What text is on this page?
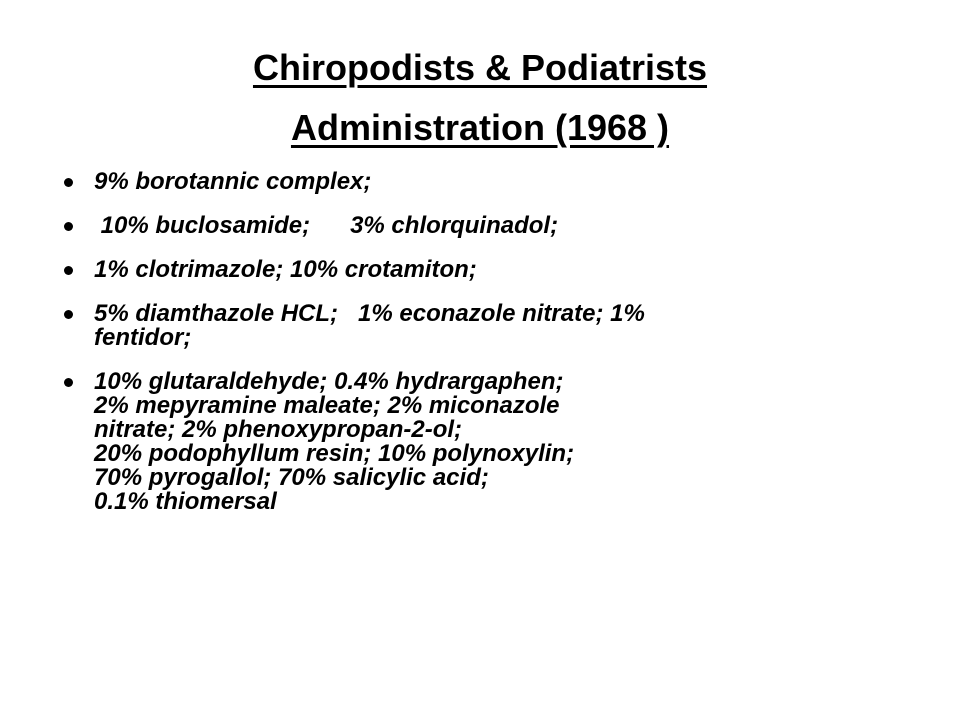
Chiropodists & Podiatrists
Administration (1968 )
9% borotannic complex;
10% buclosamide;      3% chlorquinadol;
1% clotrimazole; 10% crotamiton;
5% diamthazole HCL;   1% econazole nitrate; 1%
fentidor;
10% glutaraldehyde; 0.4% hydrargaphen;
2% mepyramine maleate; 2% miconazole
nitrate; 2% phenoxypropan-2-ol;
20% podophyllum resin; 10% polynoxylin;
70% pyrogallol; 70% salicylic acid;
0.1% thiomersal
